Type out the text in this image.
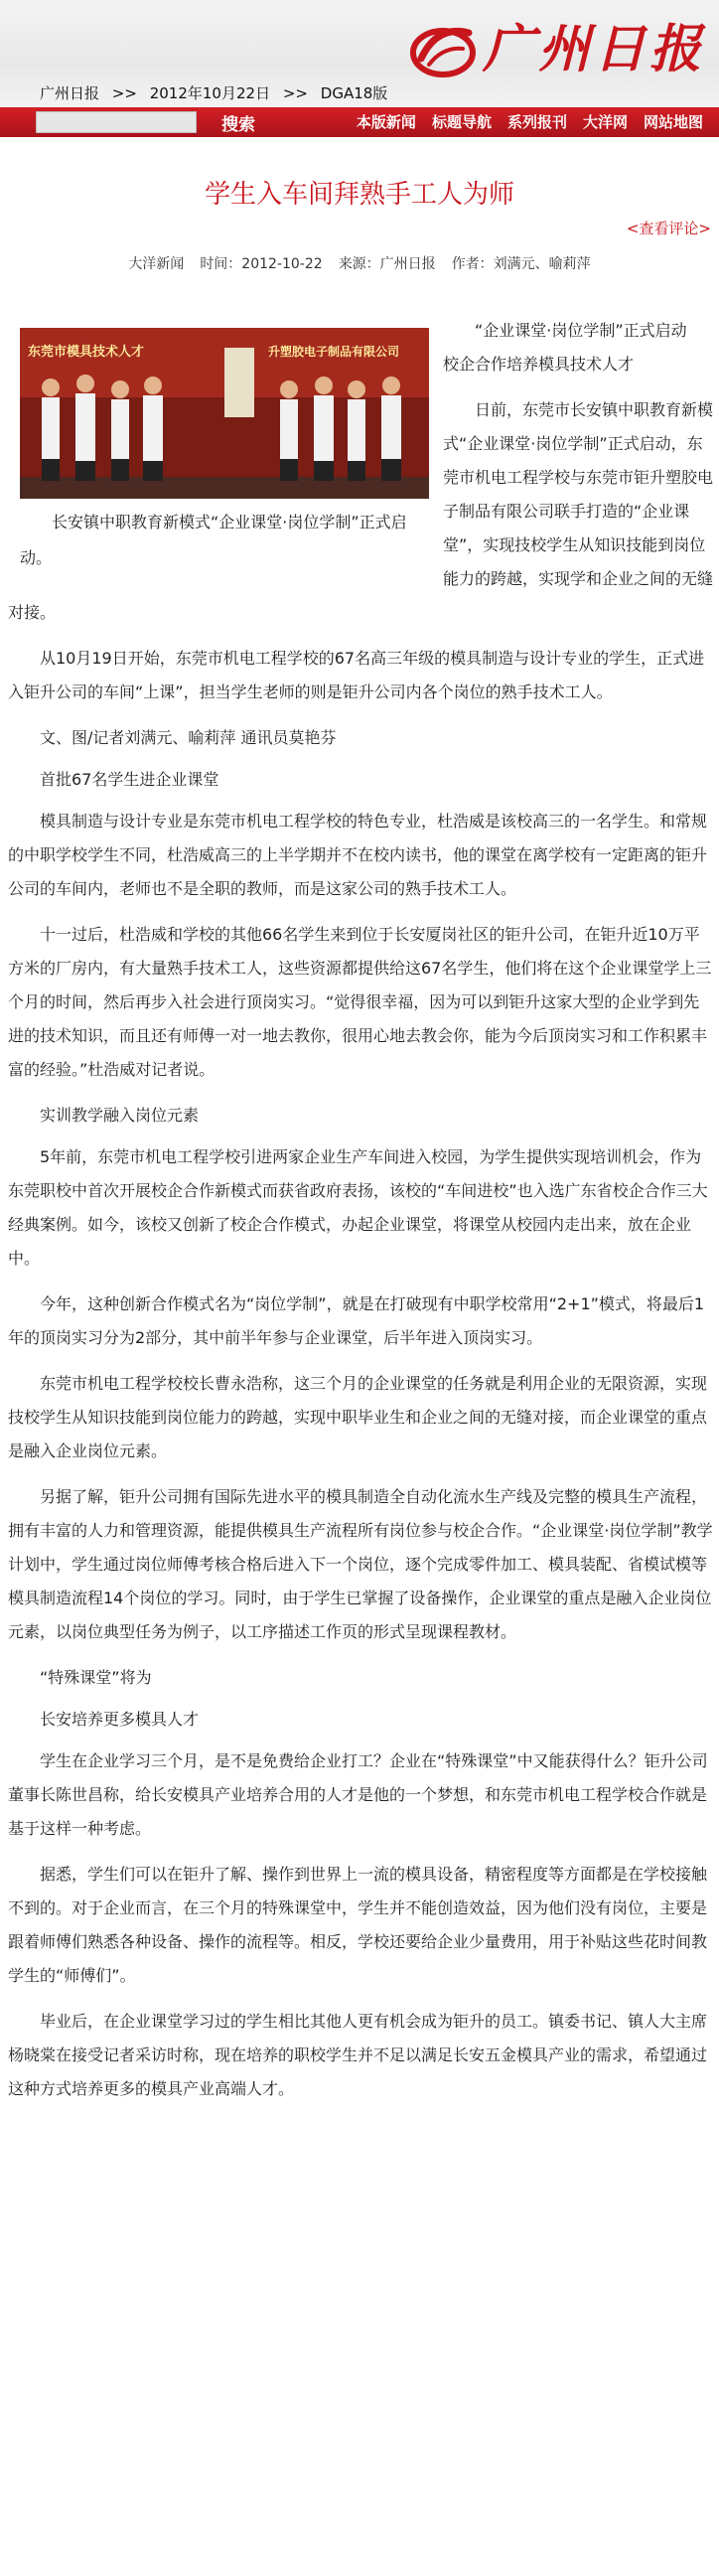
广州日报
广州日报 >> 2012年10月22日 >> DGA18版
搜索	本版新闻	标题导航	系列报刊	大洋网	网站地图
学生入车间拜熟手工人为师
<查看评论>
大洋新闻 时间：2012-10-22 来源：广州日报 作者：刘满元、喻莉萍
东莞市模具技术人才	升塑胶电子制品有限公司
长安镇中职教育新模式“企业课堂·岗位学制”正式启动。

“企业课堂·岗位学制”正式启动　校企合作培养模具技术人才

日前，东莞市长安镇中职教育新模式“企业课堂·岗位学制”正式启动，东莞市机电工程学校与东莞市钜升塑胶电子制品有限公司联手打造的“企业课堂”，实现技校学生从知识技能到岗位能力的跨越，实现学和企业之间的无缝对接。

从10月19日开始，东莞市机电工程学校的67名高三年级的模具制造与设计专业的学生，正式进入钜升公司的车间“上课”，担当学生老师的则是钜升公司内各个岗位的熟手技术工人。

文、图/记者刘满元、喻莉萍 通讯员莫艳芬

首批67名学生进企业课堂

模具制造与设计专业是东莞市机电工程学校的特色专业，杜浩威是该校高三的一名学生。和常规的中职学校学生不同，杜浩威高三的上半学期并不在校内读书，他的课堂在离学校有一定距离的钜升公司的车间内，老师也不是全职的教师，而是这家公司的熟手技术工人。

十一过后，杜浩威和学校的其他66名学生来到位于长安厦岗社区的钜升公司，在钜升近10万平方米的厂房内，有大量熟手技术工人，这些资源都提供给这67名学生，他们将在这个企业课堂学上三个月的时间，然后再步入社会进行顶岗实习。“觉得很幸福，因为可以到钜升这家大型的企业学到先进的技术知识，而且还有师傅一对一地去教你，很用心地去教会你，能为今后顶岗实习和工作积累丰富的经验。”杜浩威对记者说。

实训教学融入岗位元素

5年前，东莞市机电工程学校引进两家企业生产车间进入校园，为学生提供实现培训机会，作为东莞职校中首次开展校企合作新模式而获省政府表扬，该校的“车间进校”也入选广东省校企合作三大经典案例。如今，该校又创新了校企合作模式，办起企业课堂，将课堂从校园内走出来，放在企业中。

今年，这种创新合作模式名为“岗位学制”，就是在打破现有中职学校常用“2+1”模式，将最后1年的顶岗实习分为2部分，其中前半年参与企业课堂，后半年进入顶岗实习。

东莞市机电工程学校校长曹永浩称，这三个月的企业课堂的任务就是利用企业的无限资源，实现技校学生从知识技能到岗位能力的跨越，实现中职毕业生和企业之间的无缝对接，而企业课堂的重点是融入企业岗位元素。

另据了解，钜升公司拥有国际先进水平的模具制造全自动化流水生产线及完整的模具生产流程，拥有丰富的人力和管理资源，能提供模具生产流程所有岗位参与校企合作。“企业课堂·岗位学制”教学计划中，学生通过岗位师傅考核合格后进入下一个岗位，逐个完成零件加工、模具装配、省模试模等模具制造流程14个岗位的学习。同时，由于学生已掌握了设备操作，企业课堂的重点是融入企业岗位元素，以岗位典型任务为例子，以工序描述工作页的形式呈现课程教材。

“特殊课堂”将为

长安培养更多模具人才

学生在企业学习三个月，是不是免费给企业打工？企业在“特殊课堂”中又能获得什么？钜升公司董事长陈世昌称，给长安模具产业培养合用的人才是他的一个梦想，和东莞市机电工程学校合作就是基于这样一种考虑。

据悉，学生们可以在钜升了解、操作到世界上一流的模具设备，精密程度等方面都是在学校接触不到的。对于企业而言，在三个月的特殊课堂中，学生并不能创造效益，因为他们没有岗位，主要是跟着师傅们熟悉各种设备、操作的流程等。相反，学校还要给企业少量费用，用于补贴这些花时间教学生的“师傅们”。

毕业后，在企业课堂学习过的学生相比其他人更有机会成为钜升的员工。镇委书记、镇人大主席杨晓棠在接受记者采访时称，现在培养的职校学生并不足以满足长安五金模具产业的需求，希望通过这种方式培养更多的模具产业高端人才。
